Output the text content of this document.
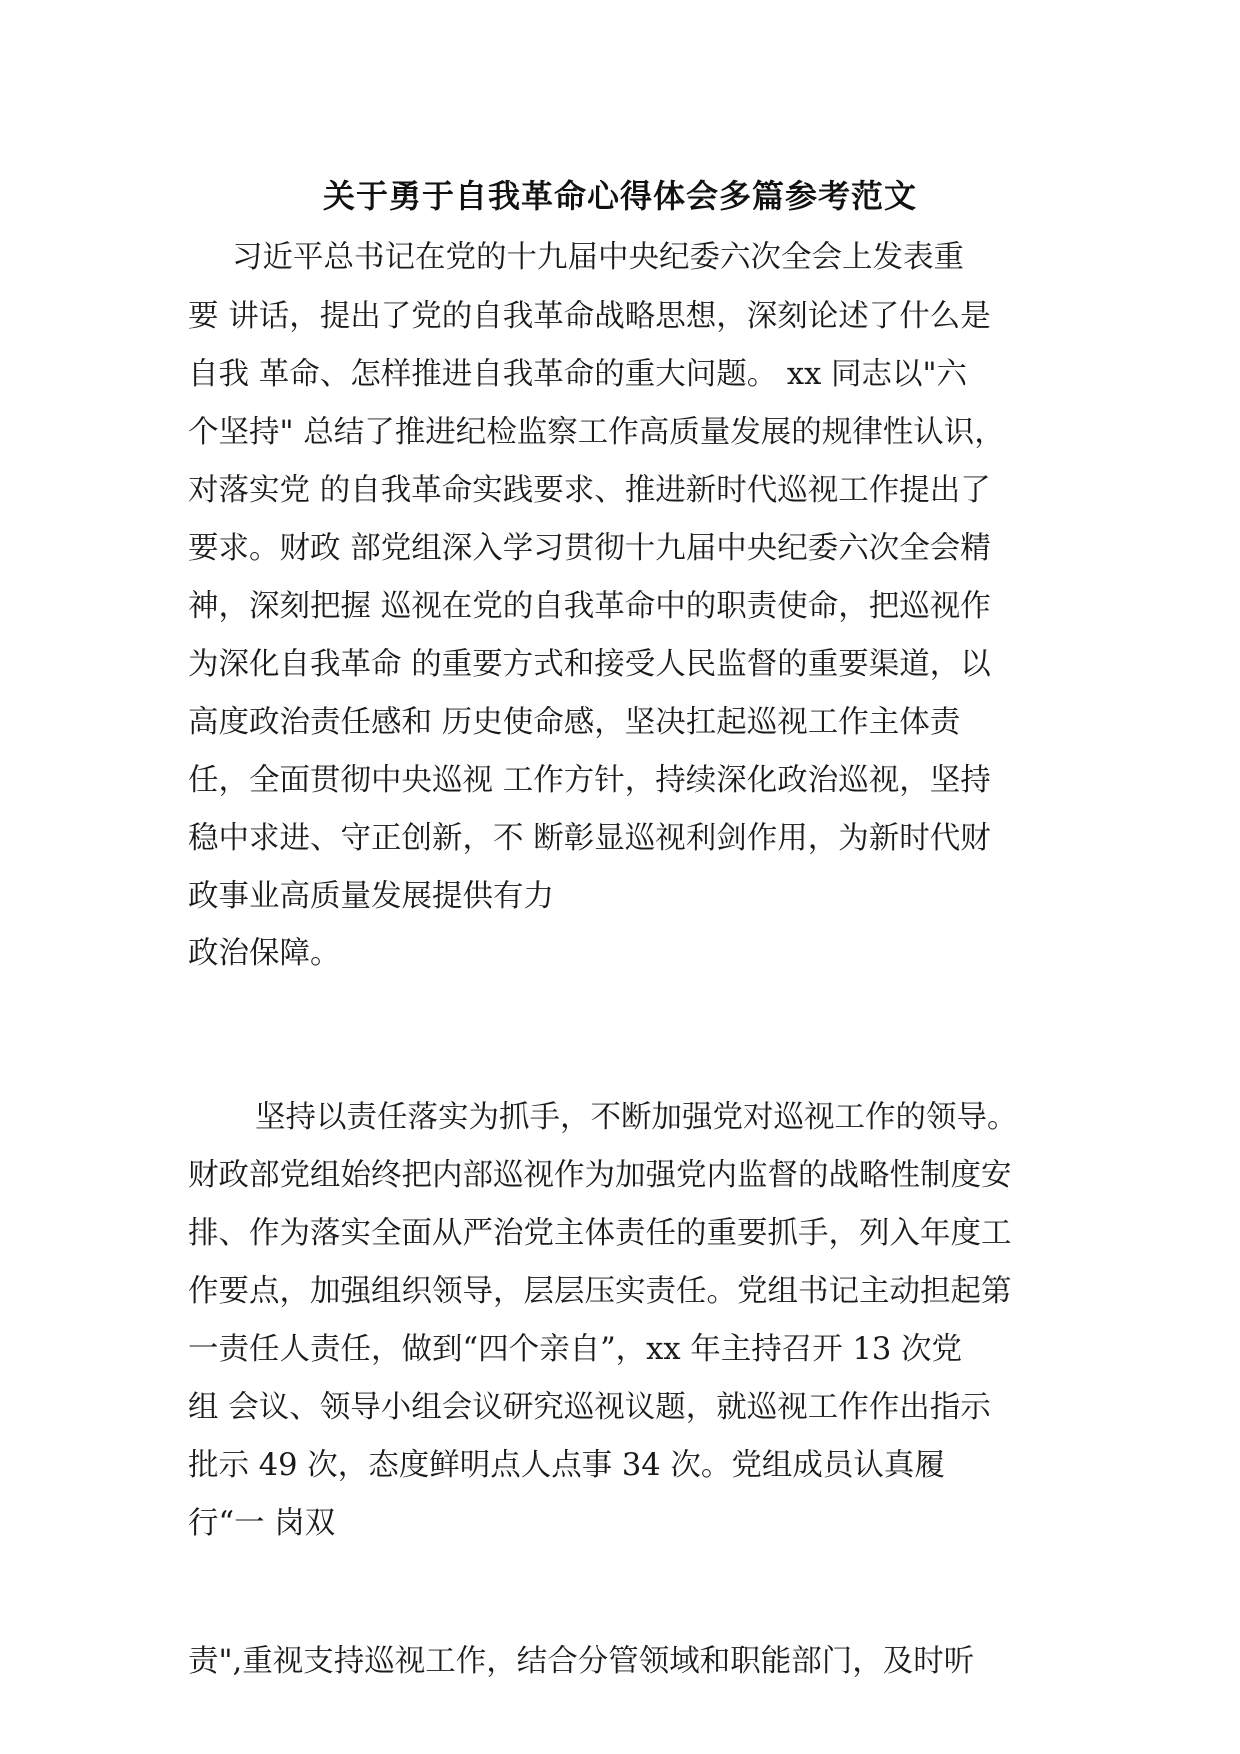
关于勇于自我革命心得体会多篇参考范文
习近平总书记在党的十九届中央纪委六次全会上发表重
要 讲话，提出了党的自我革命战略思想，深刻论述了什么是
自我 革命、怎样推进自我革命的重大问题。 xx 同志以"六
个坚持" 总结了推进纪检监察工作高质量发展的规律性认识，
对落实党 的自我革命实践要求、推进新时代巡视工作提出了
要求。财政 部党组深入学习贯彻十九届中央纪委六次全会精
神，深刻把握 巡视在党的自我革命中的职责使命，把巡视作
为深化自我革命 的重要方式和接受人民监督的重要渠道，以
高度政治责任感和 历史使命感，坚决扛起巡视工作主体责
任，全面贯彻中央巡视 工作方针，持续深化政治巡视，坚持
稳中求进、守正创新，不 断彰显巡视利剑作用，为新时代财
政事业高质量发展提供有力
政治保障。
坚持以责任落实为抓手，不断加强党对巡视工作的领导。
财政部党组始终把内部巡视作为加强党内监督的战略性制度安
排、作为落实全面从严治党主体责任的重要抓手，列入年度工
作要点，加强组织领导，层层压实责任。党组书记主动担起第
一责任人责任，做到“四个亲自”，xx 年主持召开 13 次党
组 会议、领导小组会议研究巡视议题，就巡视工作作出指示
批示 49 次，态度鲜明点人点事 34 次。党组成员认真履
行“一 岗双
责",重视支持巡视工作，结合分管领域和职能部门，及时听
